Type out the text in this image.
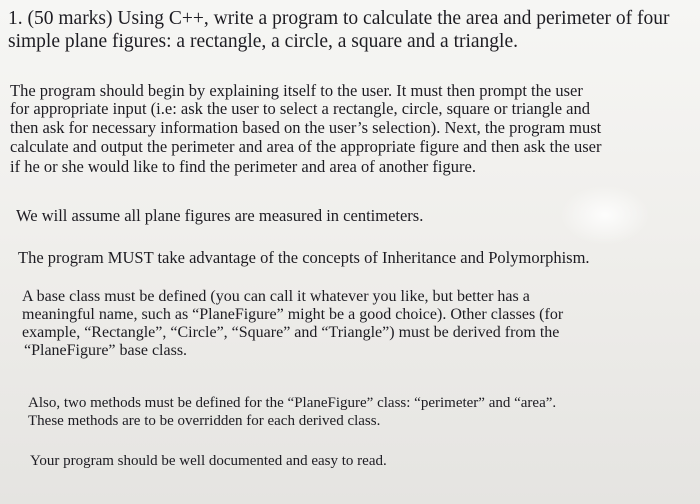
1. (50 marks) Using C++, write a program to calculate the area and perimeter of four
simple plane figures: a rectangle, a circle, a square and a triangle.
The program should begin by explaining itself to the user. It must then prompt the user
for appropriate input (i.e: ask the user to select a rectangle, circle, square or triangle and
then ask for necessary information based on the user’s selection). Next, the program must
calculate and output the perimeter and area of the appropriate figure and then ask the user
if he or she would like to find the perimeter and area of another figure.
We will assume all plane figures are measured in centimeters.
The program MUST take advantage of the concepts of Inheritance and Polymorphism.
A base class must be defined (you can call it whatever you like, but better has a
meaningful name, such as “PlaneFigure” might be a good choice). Other classes (for
example, “Rectangle”, “Circle”, “Square” and “Triangle”) must be derived from the
“PlaneFigure” base class.
Also, two methods must be defined for the “PlaneFigure” class: “perimeter” and “area”.
These methods are to be overridden for each derived class.
Your program should be well documented and easy to read.
